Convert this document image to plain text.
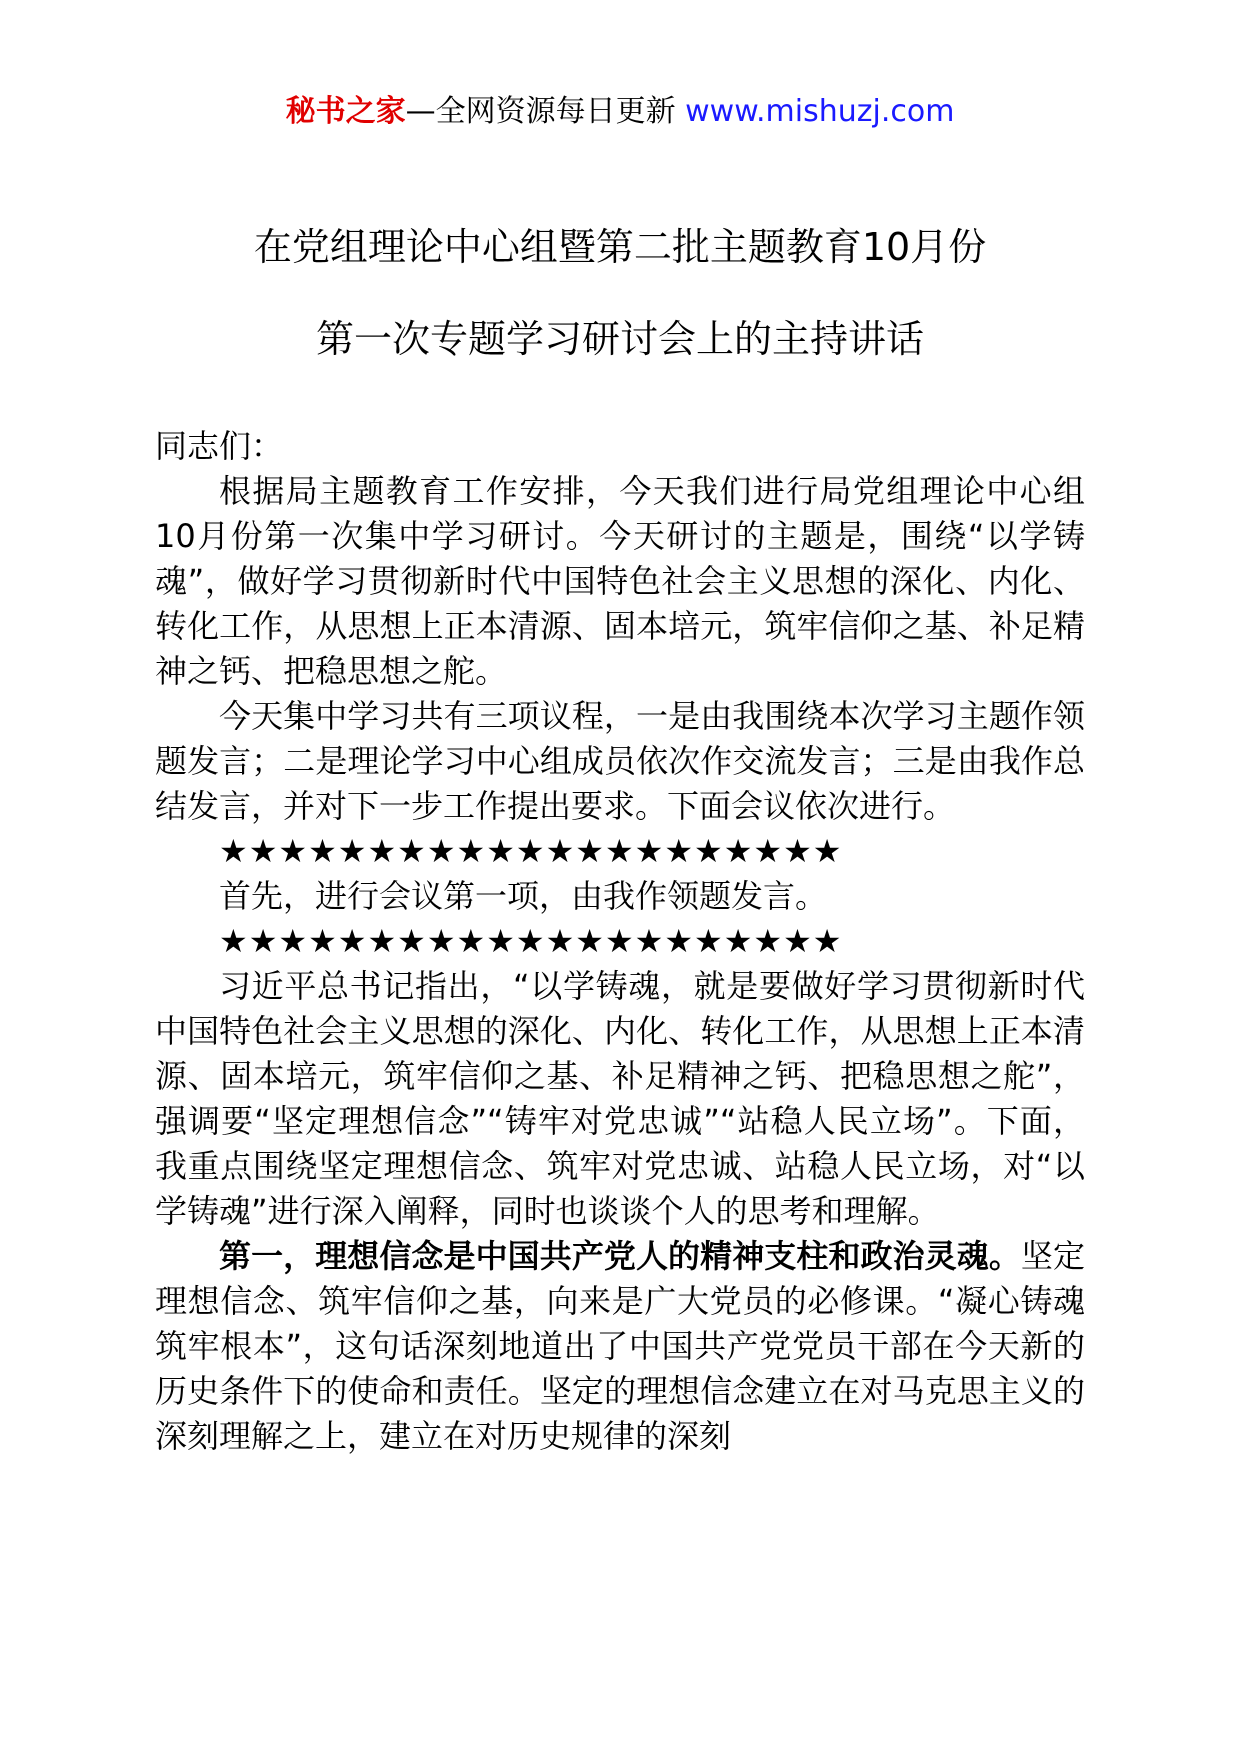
秘书之家—全网资源每日更新 www.mishuzj.com
在党组理论中心组暨第二批主题教育10月份
第一次专题学习研讨会上的主持讲话

同志们：

根据局主题教育工作安排，今天我们进行局党组理论中心组10月份第一次集中学习研讨。今天研讨的主题是，围绕“以学铸魂”，做好学习贯彻新时代中国特色社会主义思想的深化、内化、转化工作，从思想上正本清源、固本培元，筑牢信仰之基、补足精神之钙、把稳思想之舵。

今天集中学习共有三项议程，一是由我围绕本次学习主题作领题发言；二是理论学习中心组成员依次作交流发言；三是由我作总结发言，并对下一步工作提出要求。下面会议依次进行。

★★★★★★★★★★★★★★★★★★★★★

首先，进行会议第一项，由我作领题发言。

★★★★★★★★★★★★★★★★★★★★★

习近平总书记指出，“以学铸魂，就是要做好学习贯彻新时代中国特色社会主义思想的深化、内化、转化工作，从思想上正本清源、固本培元，筑牢信仰之基、补足精神之钙、把稳思想之舵”，强调要“坚定理想信念”“铸牢对党忠诚”“站稳人民立场”。下面，我重点围绕坚定理想信念、筑牢对党忠诚、站稳人民立场，对“以学铸魂”进行深入阐释，同时也谈谈个人的思考和理解。

第一，理想信念是中国共产党人的精神支柱和政治灵魂。坚定理想信念、筑牢信仰之基，向来是广大党员的必修课。“凝心铸魂筑牢根本”，这句话深刻地道出了中国共产党党员干部在今天新的历史条件下的使命和责任。坚定的理想信念建立在对马克思主义的深刻理解之上，建立在对历史规律的深刻
